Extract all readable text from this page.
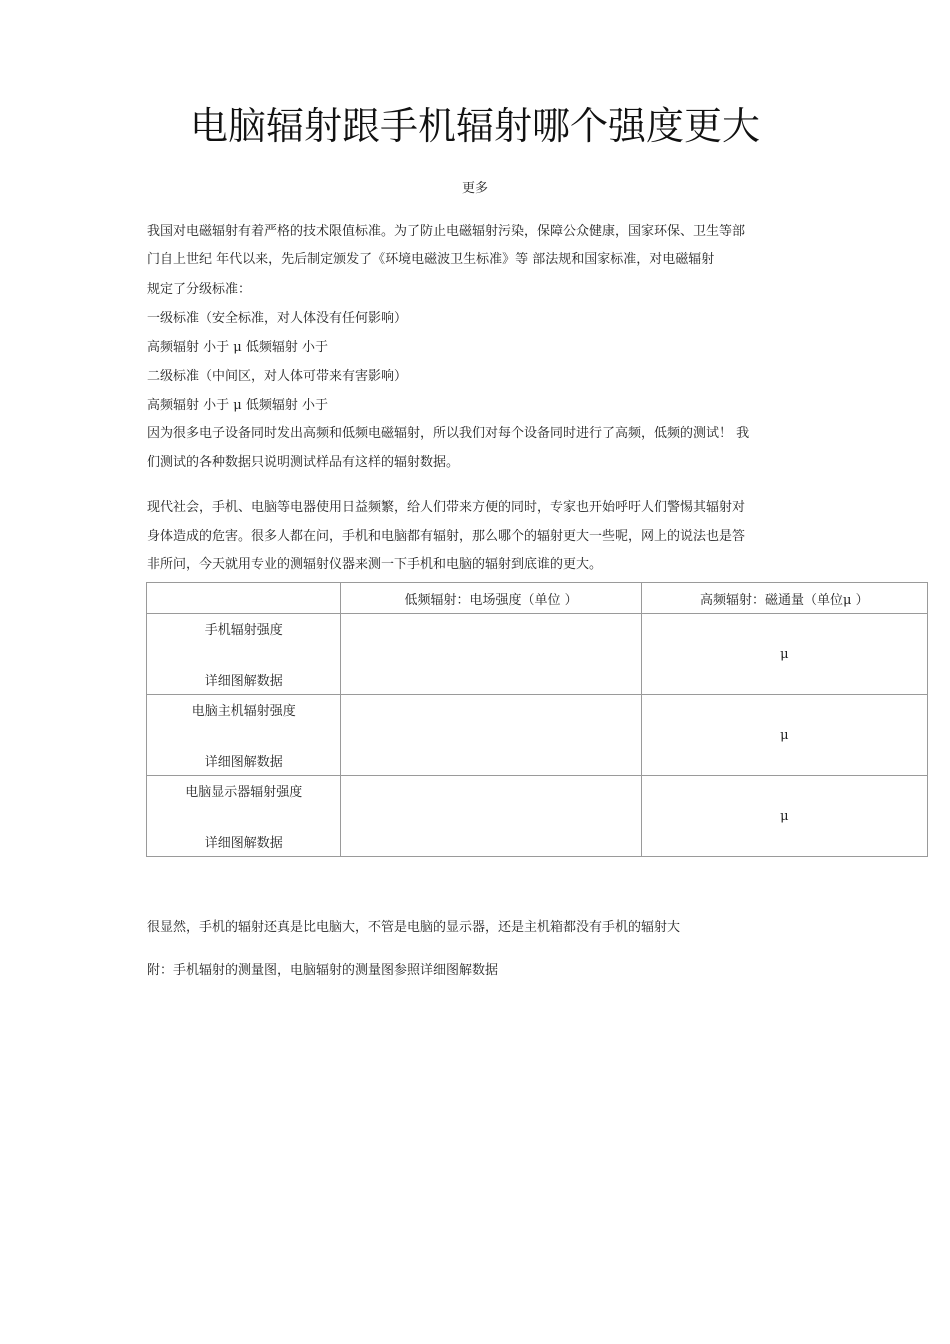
电脑辐射跟手机辐射哪个强度更大
更多
我国对电磁辐射有着严格的技术限值标准。为了防止电磁辐射污染，保障公众健康，国家环保、卫生等部
门自上世纪 年代以来，先后制定颁发了《环境电磁波卫生标准》等 部法规和国家标准，对电磁辐射
规定了分级标准：
一级标准（安全标准，对人体没有任何影响）
高频辐射 小于 μ 低频辐射 小于
二级标准（中间区，对人体可带来有害影响）
高频辐射 小于 μ 低频辐射 小于
因为很多电子设备同时发出高频和低频电磁辐射，所以我们对每个设备同时进行了高频，低频的测试！ 我
们测试的各种数据只说明测试样品有这样的辐射数据。
现代社会，手机、电脑等电器使用日益频繁，给人们带来方便的同时，专家也开始呼吁人们警惕其辐射对
身体造成的危害。很多人都在问，手机和电脑都有辐射，那么哪个的辐射更大一些呢，网上的说法也是答
非所问，今天就用专业的测辐射仪器来测一下手机和电脑的辐射到底谁的更大。
	低频辐射：电场强度（单位 ）	高频辐射：磁通量（单位μ ）

手机辐射强度
详细图解数据		μ

电脑主机辐射强度
详细图解数据		μ

电脑显示器辐射强度
详细图解数据		μ
很显然，手机的辐射还真是比电脑大，不管是电脑的显示器，还是主机箱都没有手机的辐射大
附：手机辐射的测量图，电脑辐射的测量图参照详细图解数据
